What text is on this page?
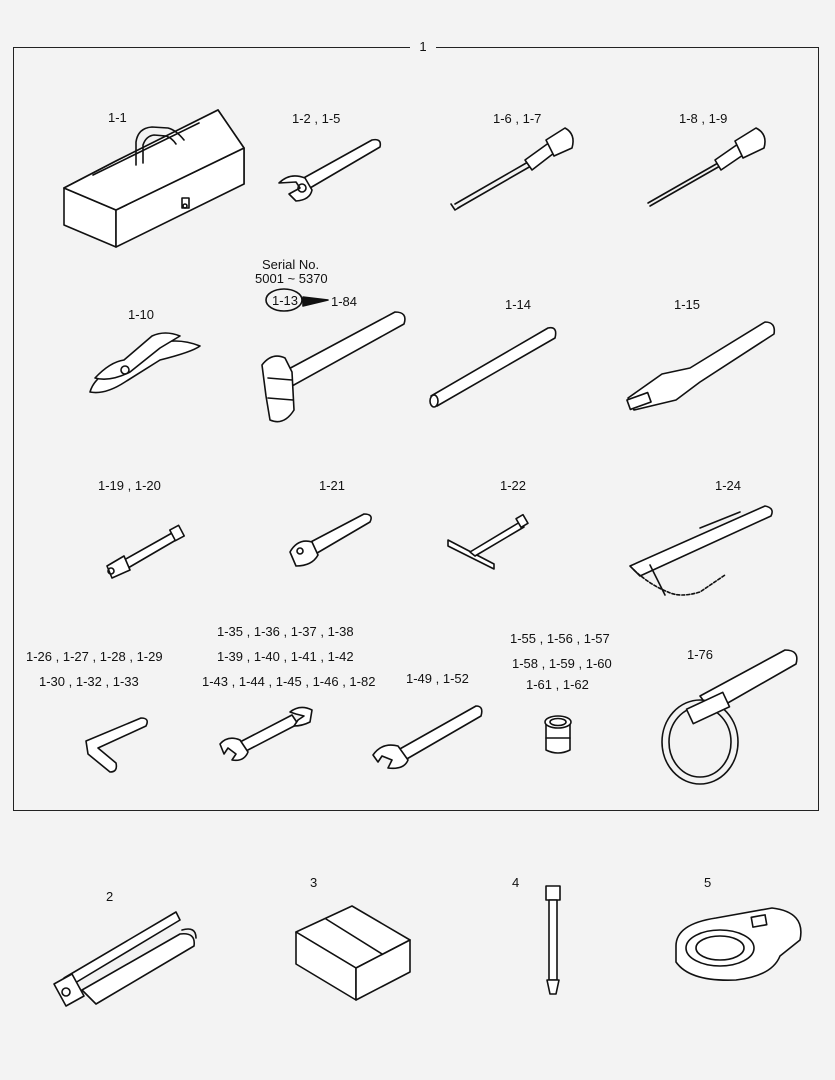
1
1-1	1-2 , 1-5	1-6 , 1-7	1-8 , 1-9
Serial No.
5001 ~ 5370
1-13	1-84
1-10
1-14	1-15
1-19 , 1-20	1-21	1-22	1-24
1-35 , 1-36 , 1-37 , 1-38	1-55 , 1-56 , 1-57
1-26 , 1-27 , 1-28 , 1-29	1-39 , 1-40 , 1-41 , 1-42	1-76
1-58 , 1-59 , 1-60
1-49 , 1-52
1-30 , 1-32 , 1-33	1-43 , 1-44 , 1-45 , 1-46 , 1-82	1-61 , 1-62
2
3	4	5
